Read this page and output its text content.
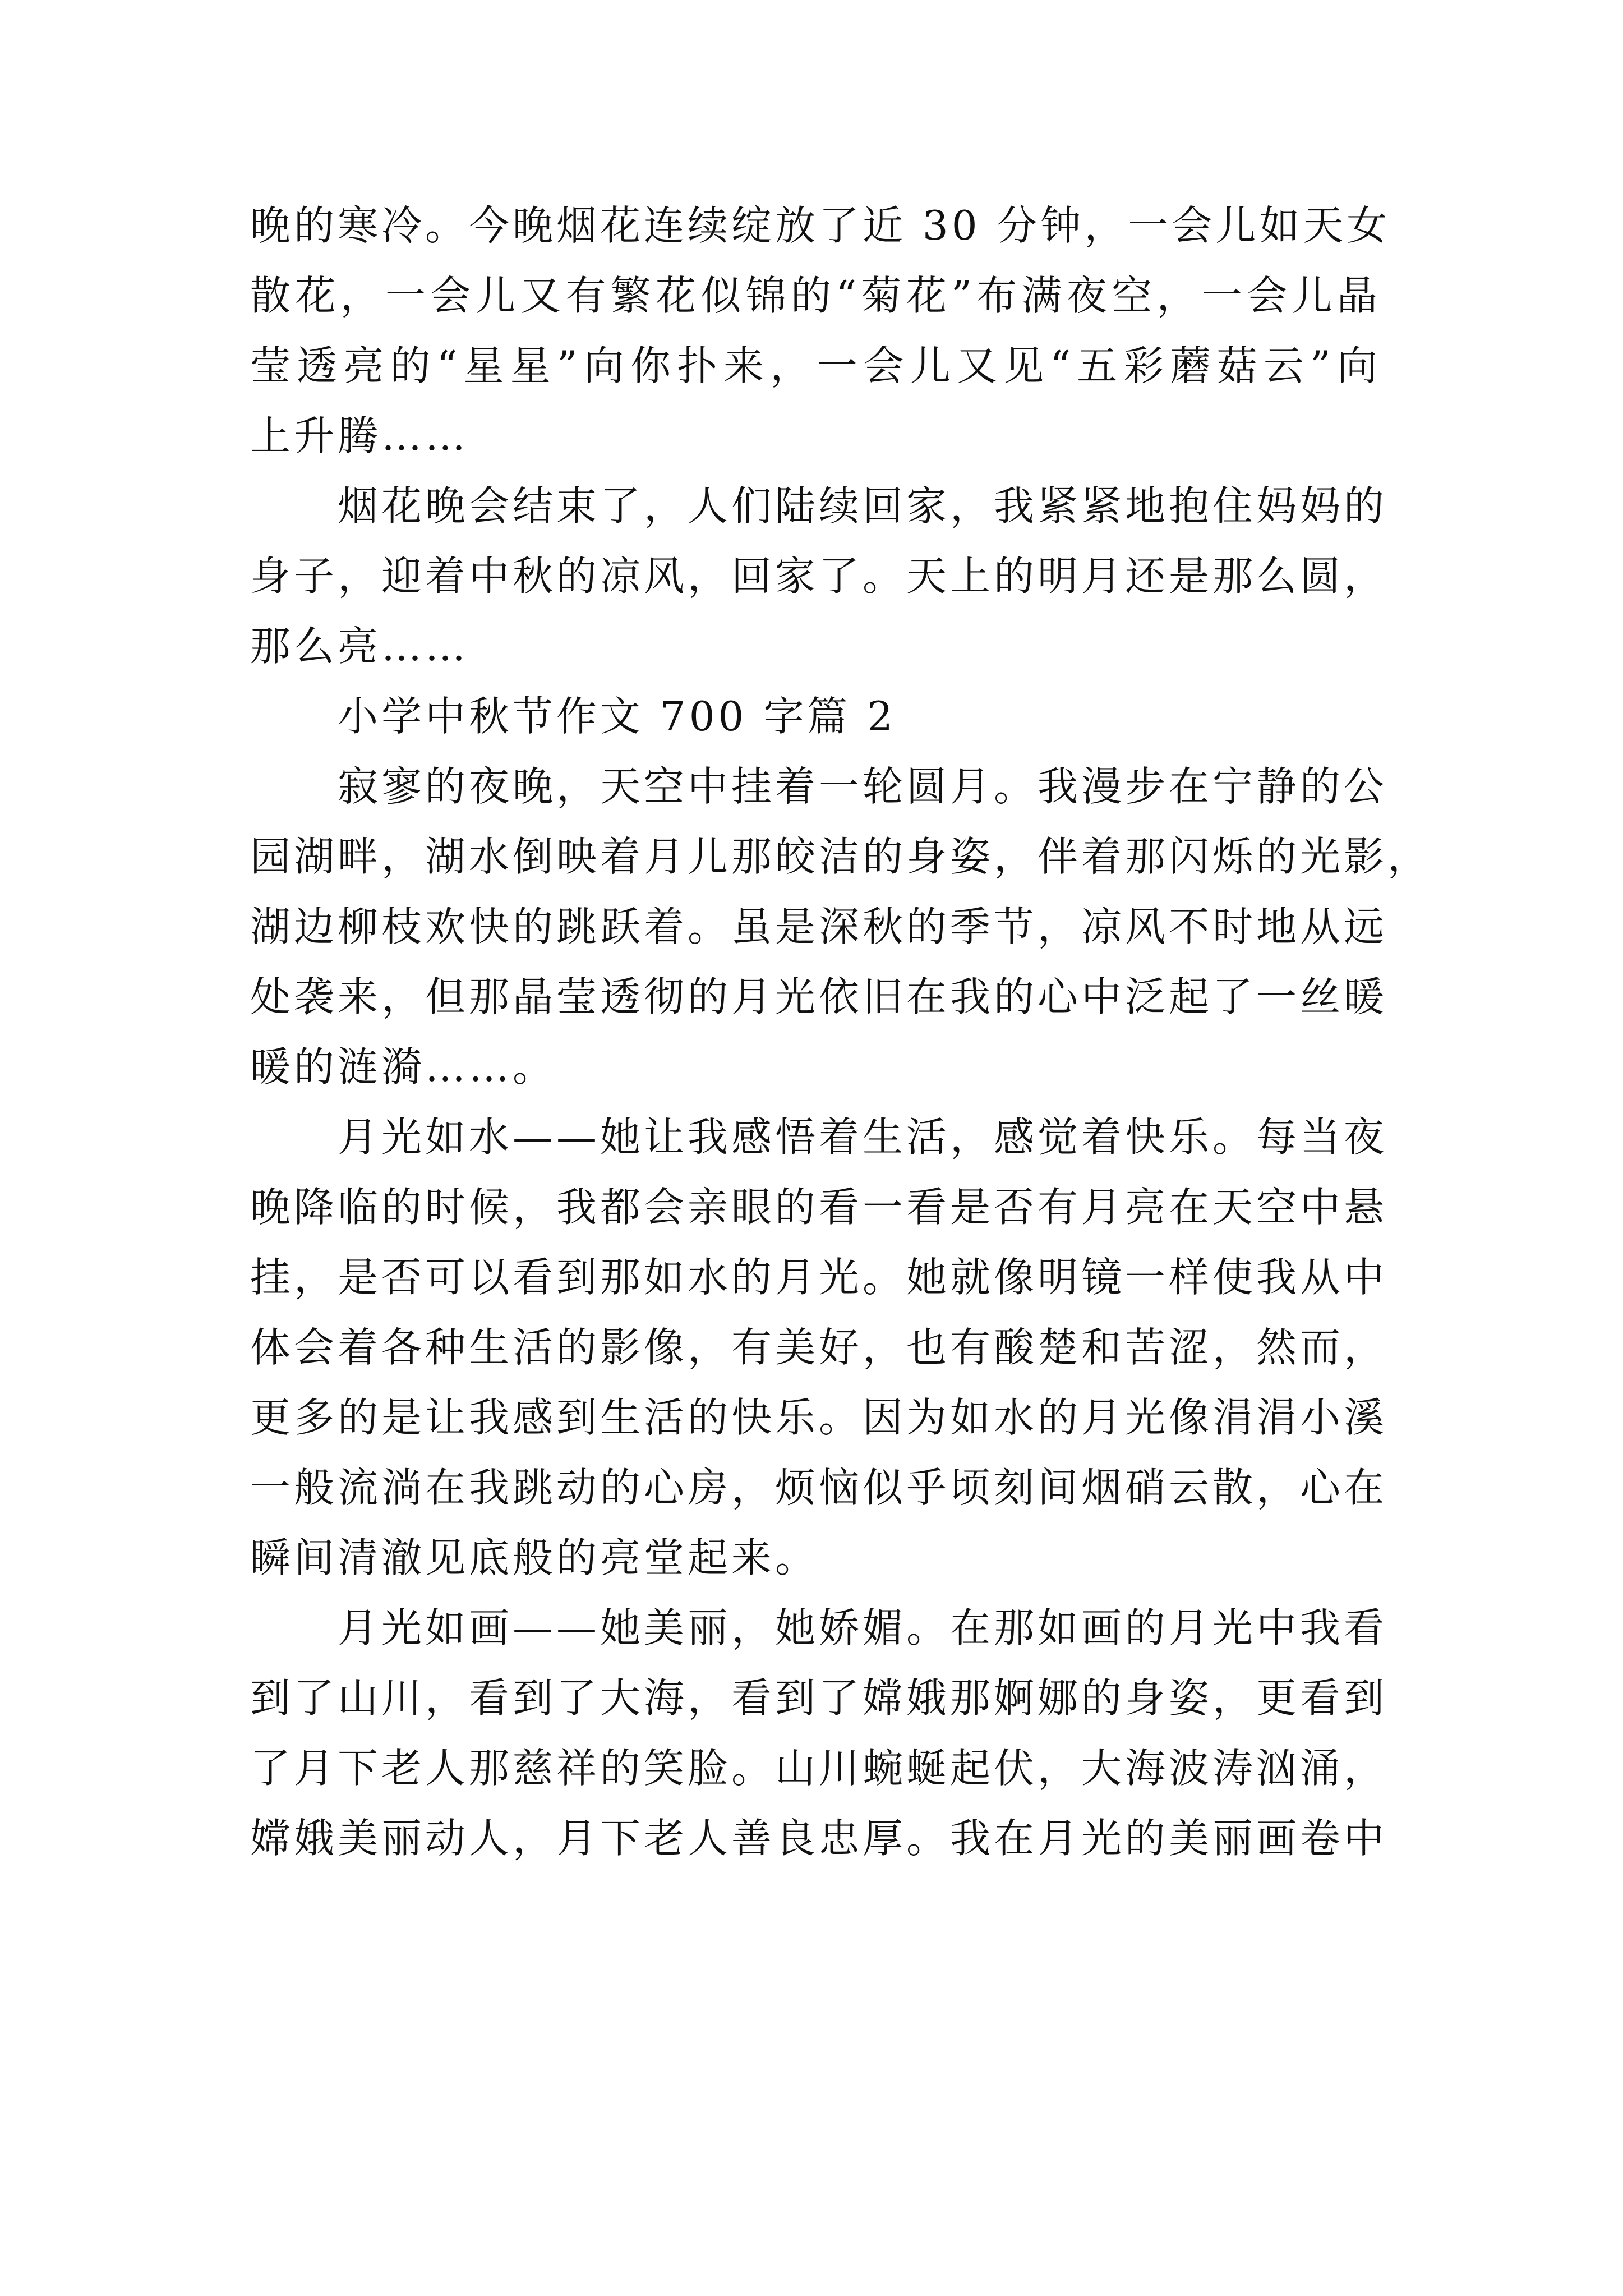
晚的寒冷。今晚烟花连续绽放了近 30 分钟，一会儿如天女
散花，一会儿又有繁花似锦的“菊花”布满夜空，一会儿晶
莹透亮的“星星”向你扑来，一会儿又见“五彩蘑菇云”向
上升腾……
烟花晚会结束了，人们陆续回家，我紧紧地抱住妈妈的
身子，迎着中秋的凉风，回家了。天上的明月还是那么圆，
那么亮……
小学中秋节作文 700 字篇 2
寂寥的夜晚，天空中挂着一轮圆月。我漫步在宁静的公
园湖畔，湖水倒映着月儿那皎洁的身姿，伴着那闪烁的光影，
湖边柳枝欢快的跳跃着。虽是深秋的季节，凉风不时地从远
处袭来，但那晶莹透彻的月光依旧在我的心中泛起了一丝暖
暖的涟漪……。
月光如水——她让我感悟着生活，感觉着快乐。每当夜
晚降临的时候，我都会亲眼的看一看是否有月亮在天空中悬
挂，是否可以看到那如水的月光。她就像明镜一样使我从中
体会着各种生活的影像，有美好，也有酸楚和苦涩，然而，
更多的是让我感到生活的快乐。因为如水的月光像涓涓小溪
一般流淌在我跳动的心房，烦恼似乎顷刻间烟硝云散，心在
瞬间清澈见底般的亮堂起来。
月光如画——她美丽，她娇媚。在那如画的月光中我看
到了山川，看到了大海，看到了嫦娥那婀娜的身姿，更看到
了月下老人那慈祥的笑脸。山川蜿蜒起伏，大海波涛汹涌，
嫦娥美丽动人，月下老人善良忠厚。我在月光的美丽画卷中
